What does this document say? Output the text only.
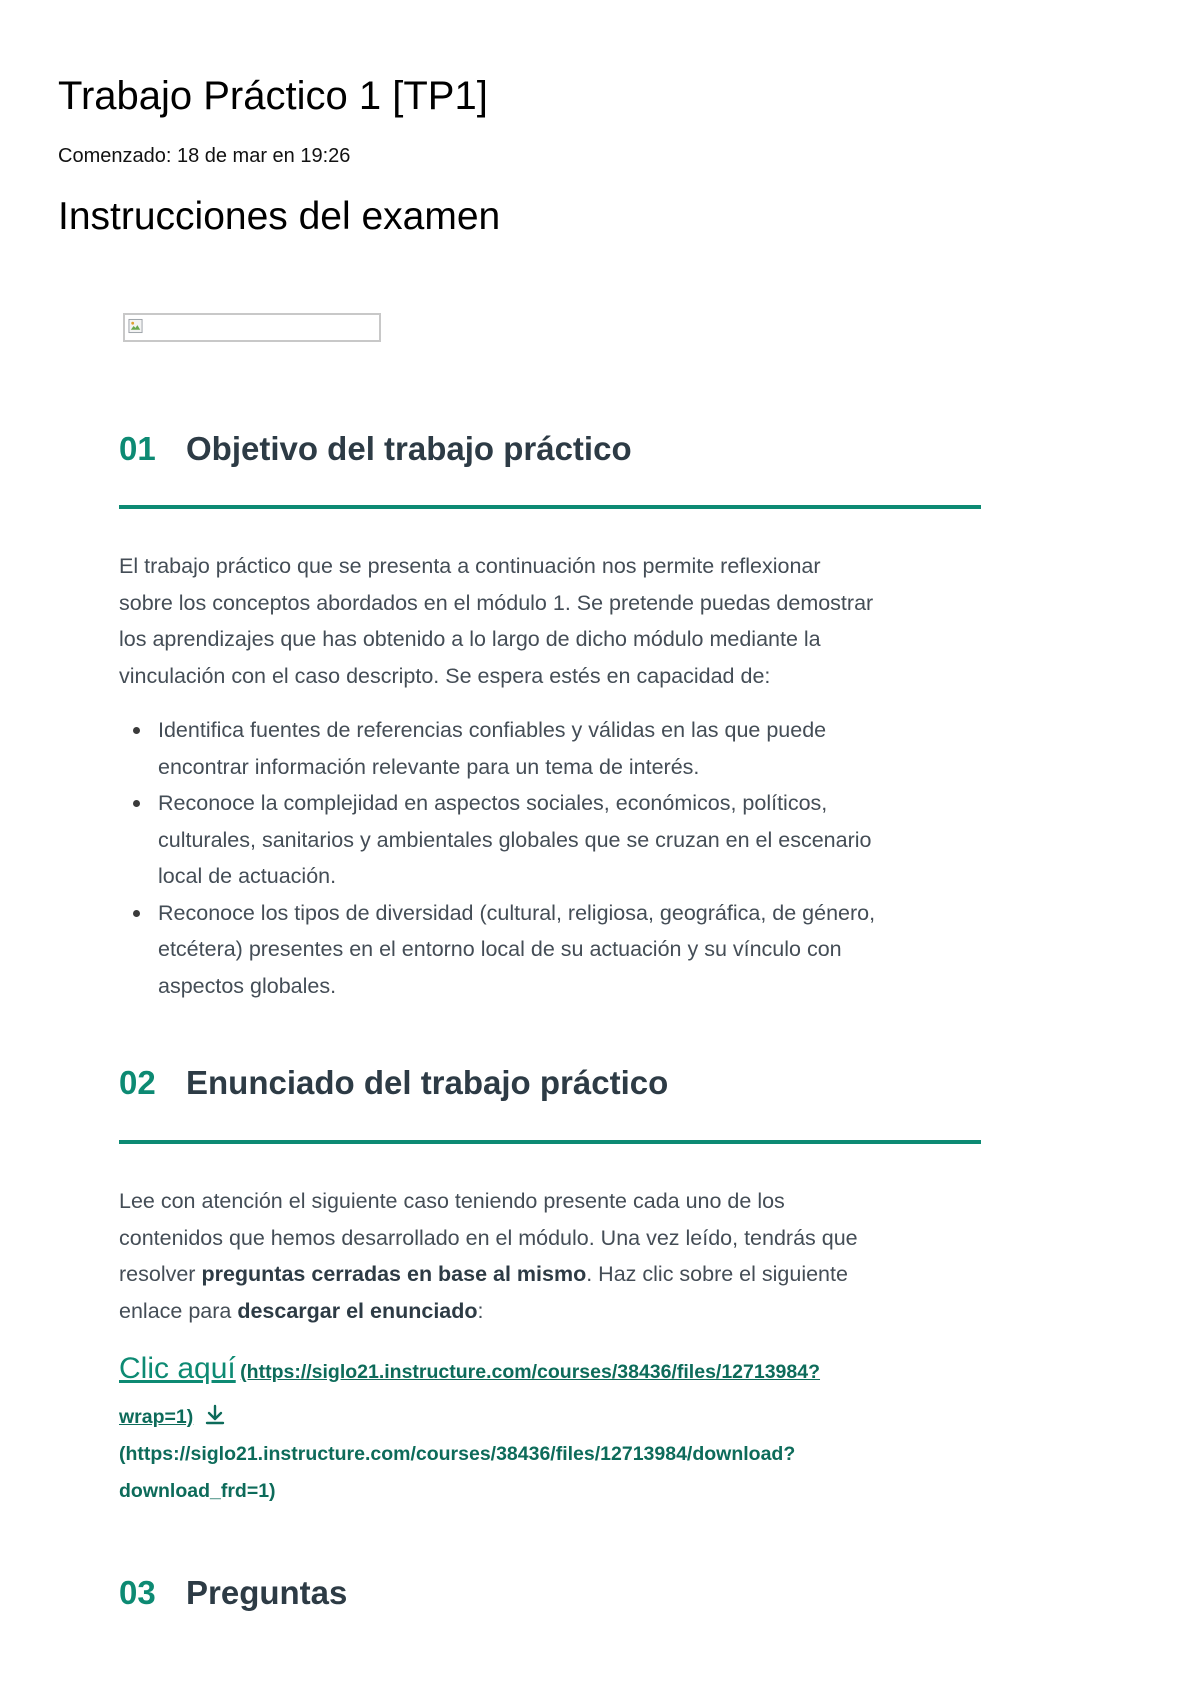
Trabajo Práctico 1 [TP1]
Comenzado: 18 de mar en 19:26
Instrucciones del examen
01 Objetivo del trabajo práctico
El trabajo práctico que se presenta a continuación nos permite reflexionar
sobre los conceptos abordados en el módulo 1. Se pretende puedas demostrar
los aprendizajes que has obtenido a lo largo de dicho módulo mediante la
vinculación con el caso descripto. Se espera estés en capacidad de:
Identifica fuentes de referencias confiables y válidas en las que puede
encontrar información relevante para un tema de interés.
Reconoce la complejidad en aspectos sociales, económicos, políticos,
culturales, sanitarios y ambientales globales que se cruzan en el escenario
local de actuación.
Reconoce los tipos de diversidad (cultural, religiosa, geográfica, de género,
etcétera) presentes en el entorno local de su actuación y su vínculo con
aspectos globales.
02 Enunciado del trabajo práctico
Lee con atención el siguiente caso teniendo presente cada uno de los
contenidos que hemos desarrollado en el módulo. Una vez leído, tendrás que
resolver preguntas cerradas en base al mismo. Haz clic sobre el siguiente
enlace para descargar el enunciado:
Clic aquí (https://siglo21.instructure.com/courses/38436/files/12713984?
wrap=1)
(https://siglo21.instructure.com/courses/38436/files/12713984/download?
download_frd=1)
03 Preguntas
